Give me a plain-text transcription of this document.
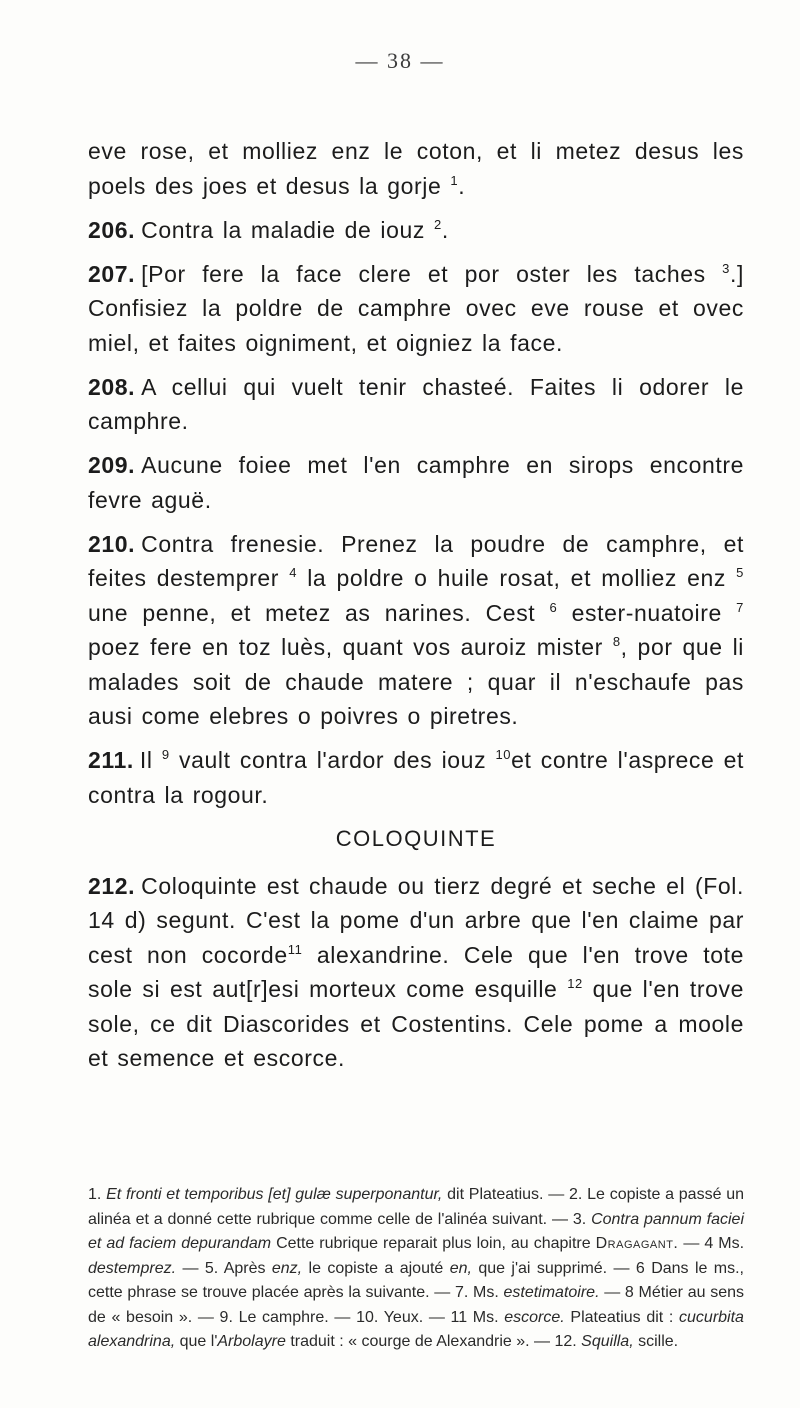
— 38 —

eve rose, et molliez enz le coton, et li metez desus les poels des joes et desus la gorje $^1$.

206. Contra la maladie de iouz $^2$.

207. [Por fere la face clere et por oster les taches $^3$.] Confisiez la poldre de camphre ovec eve rouse et ovec miel, et faites oigniment, et oigniez la face.

208. A cellui qui vuelt tenir chasteé. Faites li odorer le camphre.

209. Aucune foiee met l'en camphre en sirops encontre fevre aguë.

210. Contra frenesie. Prenez la poudre de camphre, et feites destemprer $^4$ la poldre o huile rosat, et molliez enz $^5$ une penne, et metez as narines. Cest $^6$ ester-nuatoire $^7$ poez fere en toz luès, quant vos auroiz mister $^8$, por que li malades soit de chaude matere ; quar il n'eschaufe pas ausi come elebres o poivres o piretres.

211. Il $^9$ vault contra l'ardor des iouz $^{10}$et contre l'asprece et contra la rogour.

COLOQUINTE

212. Coloquinte est chaude ou tierz degré et seche el (Fol. 14 d) segunt. C'est la pome d'un arbre que l'en claime par cest non cocorde$^{11}$ alexandrine. Cele que l'en trove tote sole si est aut[r]esi morteux come esquille $^{12}$ que l'en trove sole, ce dit Diascorides et Costentins. Cele pome a moole et semence et escorce.

1. Et fronti et temporibus [et] gulæ superponantur, dit Plateatius. — 2. Le copiste a passé un alinéa et a donné cette rubrique comme celle de l'alinéa suivant. — 3. Contra pannum faciei et ad faciem depurandam Cette rubrique reparait plus loin, au chapitre Dragagant. — 4 Ms. destemprez. — 5. Après enz, le copiste a ajouté en, que j'ai supprimé. — 6 Dans le ms., cette phrase se trouve placée après la suivante. — 7. Ms. estetimatoire. — 8 Métier au sens de « besoin ». — 9. Le camphre. — 10. Yeux. — 11 Ms. escorce. Plateatius dit : cucurbita alexandrina, que l'Arbolayre traduit : « courge de Alexandrie ». — 12. Squilla, scille.
